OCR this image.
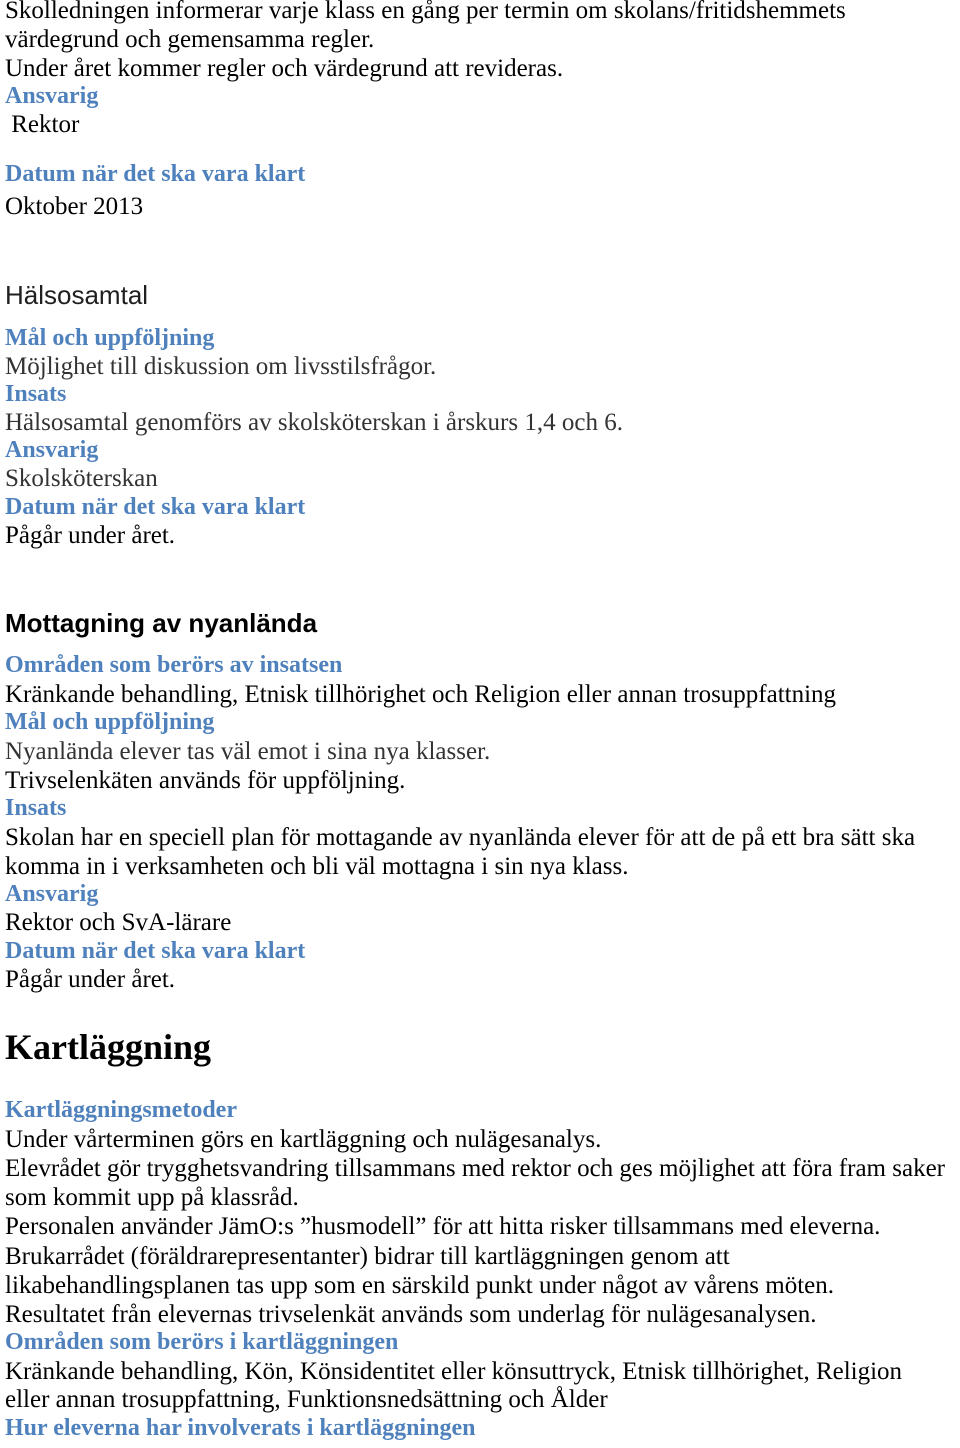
Skolledningen informerar varje klass en gång per termin om skolans/fritidshemmets
värdegrund och gemensamma regler.
Under året kommer regler och värdegrund att revideras.
Ansvarig
Rektor
Datum när det ska vara klart
Oktober 2013
Hälsosamtal
Mål och uppföljning
Möjlighet till diskussion om livsstilsfrågor.
Insats
Hälsosamtal genomförs av skolsköterskan i årskurs 1,4 och 6.
Ansvarig
Skolsköterskan
Datum när det ska vara klart
Pågår under året.
Mottagning av nyanlända
Områden som berörs av insatsen
Kränkande behandling, Etnisk tillhörighet och Religion eller annan trosuppfattning
Mål och uppföljning
Nyanlända elever tas väl emot i sina nya klasser.
Trivselenkäten används för uppföljning.
Insats
Skolan har en speciell plan för mottagande av nyanlända elever för att de på ett bra sätt ska
komma in i verksamheten och bli väl mottagna i sin nya klass.
Ansvarig
Rektor och SvA-lärare
Datum när det ska vara klart
Pågår under året.
Kartläggning
Kartläggningsmetoder
Under vårterminen görs en kartläggning och nulägesanalys.
Elevrådet gör trygghetsvandring tillsammans med rektor och ges möjlighet att föra fram saker
som kommit upp på klassråd.
Personalen använder JämO:s ”husmodell” för att hitta risker tillsammans med eleverna.
Brukarrådet (föräldrarepresentanter) bidrar till kartläggningen genom att
likabehandlingsplanen tas upp som en särskild punkt under något av vårens möten.
Resultatet från elevernas trivselenkät används som underlag för nulägesanalysen.
Områden som berörs i kartläggningen
Kränkande behandling, Kön, Könsidentitet eller könsuttryck, Etnisk tillhörighet, Religion
eller annan trosuppfattning, Funktionsnedsättning och Ålder
Hur eleverna har involverats i kartläggningen
